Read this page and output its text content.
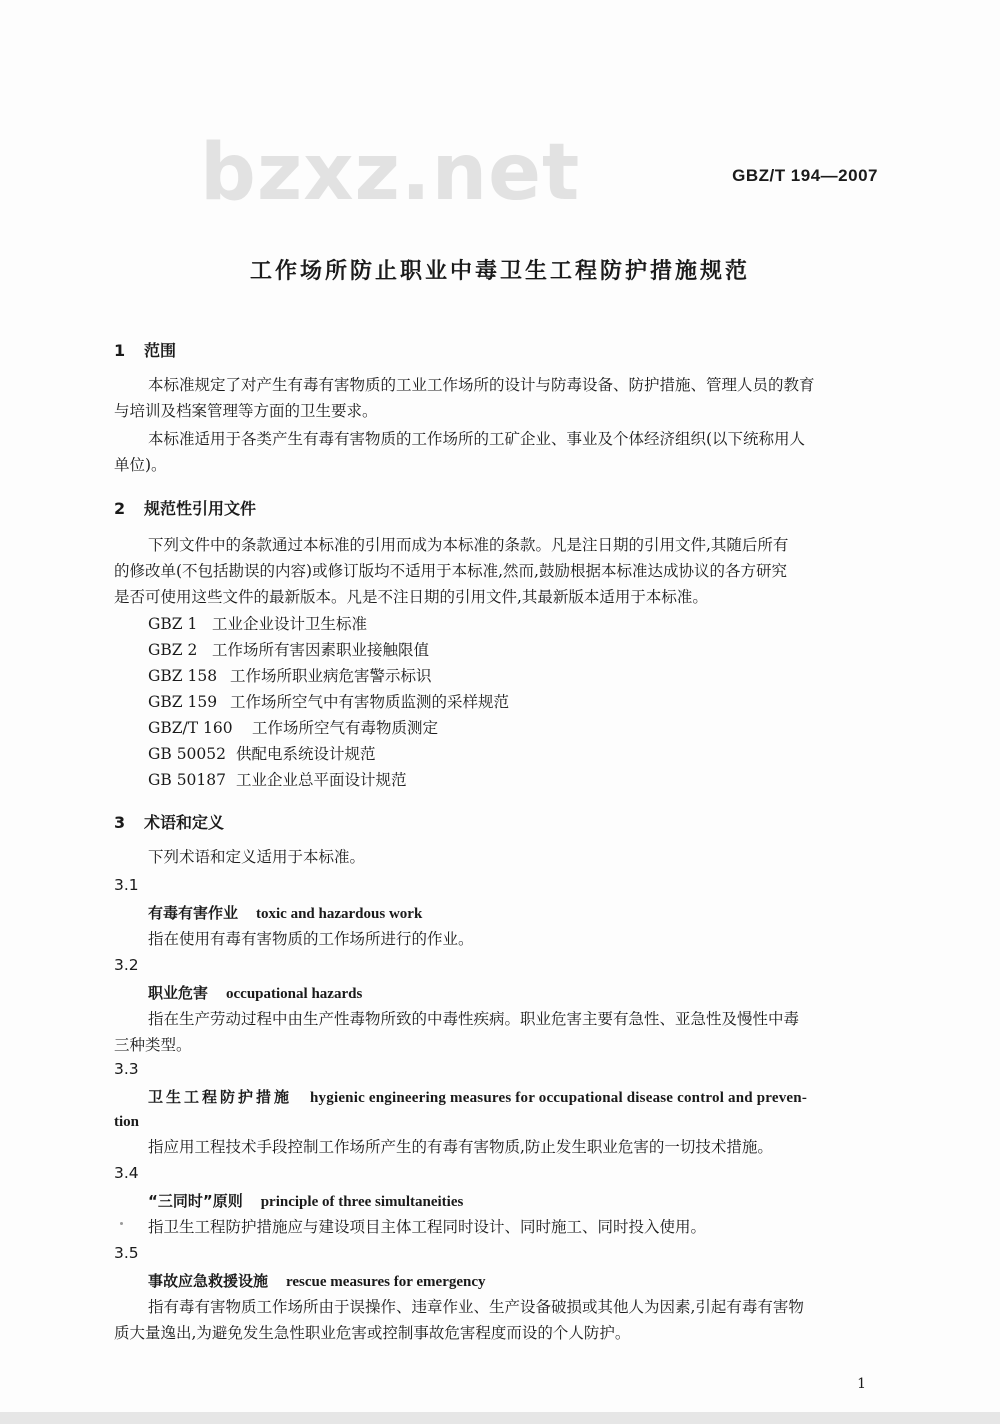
bzxz.net	GBZ/T 194—2007
工作场所防止职业中毒卫生工程防护措施规范
1 范围
本标准规定了对产生有毒有害物质的工业工作场所的设计与防毒设备、防护措施、管理人员的教育
与培训及档案管理等方面的卫生要求。
本标准适用于各类产生有毒有害物质的工作场所的工矿企业、事业及个体经济组织(以下统称用人
单位)。
2 规范性引用文件
下列文件中的条款通过本标准的引用而成为本标准的条款。凡是注日期的引用文件,其随后所有
的修改单(不包括勘误的内容)或修订版均不适用于本标准,然而,鼓励根据本标准达成协议的各方研究
是否可使用这些文件的最新版本。凡是不注日期的引用文件,其最新版本适用于本标准。
GBZ 1 工业企业设计卫生标准
GBZ 2 工作场所有害因素职业接触限值
GBZ 158 工作场所职业病危害警示标识
GBZ 159 工作场所空气中有害物质监测的采样规范
GBZ/T 160 工作场所空气有毒物质测定
GB 50052 供配电系统设计规范
GB 50187 工业企业总平面设计规范
3 术语和定义
下列术语和定义适用于本标准。
3.1
有毒有害作业 toxic and hazardous work
指在使用有毒有害物质的工作场所进行的作业。
3.2
职业危害 occupational hazards
指在生产劳动过程中由生产性毒物所致的中毒性疾病。职业危害主要有急性、亚急性及慢性中毒
三种类型。
3.3
卫生工程防护措施 hygienic engineering measures for occupational disease control and preven-
tion
指应用工程技术手段控制工作场所产生的有毒有害物质,防止发生职业危害的一切技术措施。
3.4
“三同时”原则 principle of three simultaneities
指卫生工程防护措施应与建设项目主体工程同时设计、同时施工、同时投入使用。
3.5
事故应急救援设施 rescue measures for emergency
指有毒有害物质工作场所由于误操作、违章作业、生产设备破损或其他人为因素,引起有毒有害物
质大量逸出,为避免发生急性职业危害或控制事故危害程度而设的个人防护。
1
